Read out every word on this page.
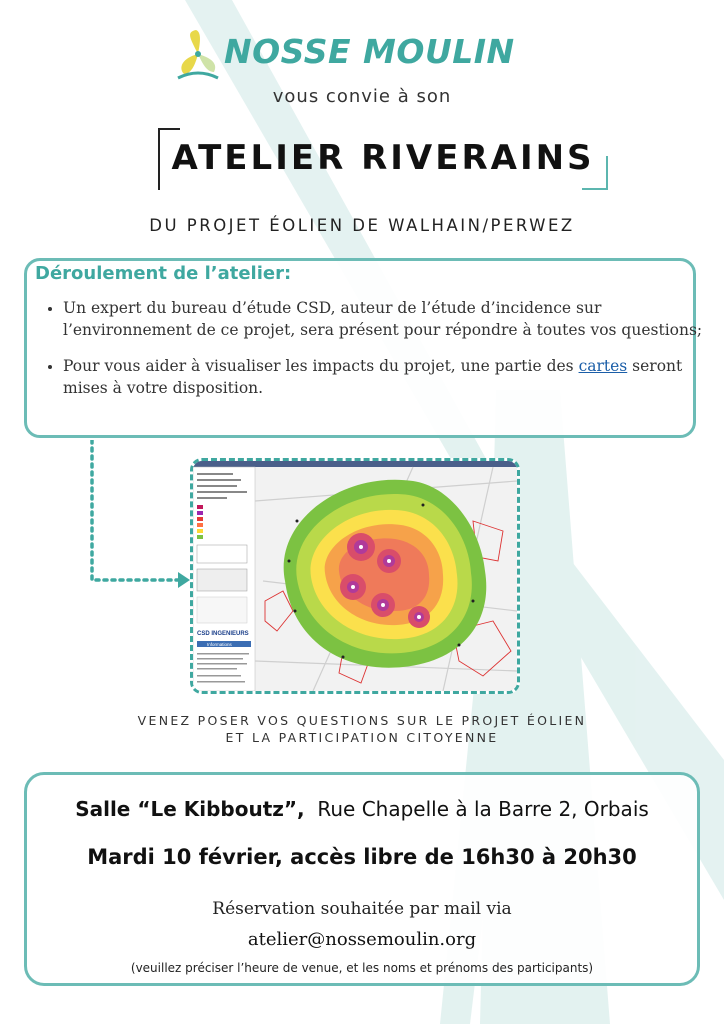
NOSSE MOULIN
vous convie à son
ATELIER RIVERAINS
DU PROJET ÉOLIEN DE WALHAIN/PERWEZ
Déroulement de l’atelier:
• Un expert du bureau d’étude CSD, auteur de l’étude d’incidence sur l’environnement de ce projet, sera présent pour répondre à toutes vos questions;
• Pour vous aider à visualiser les impacts du projet, une partie des cartes seront mises à votre disposition.
CSD INGENIEURS
Informations
VENEZ POSER VOS QUESTIONS SUR LE PROJET ÉOLIEN
ET LA PARTICIPATION CITOYENNE
Salle “Le Kibboutz”, Rue Chapelle à la Barre 2, Orbais
Mardi 10 février, accès libre de 16h30 à 20h30
Réservation souhaitée par mail via
atelier@nossemoulin.org
(veuillez préciser l’heure de venue, et les noms et prénoms des participants)
